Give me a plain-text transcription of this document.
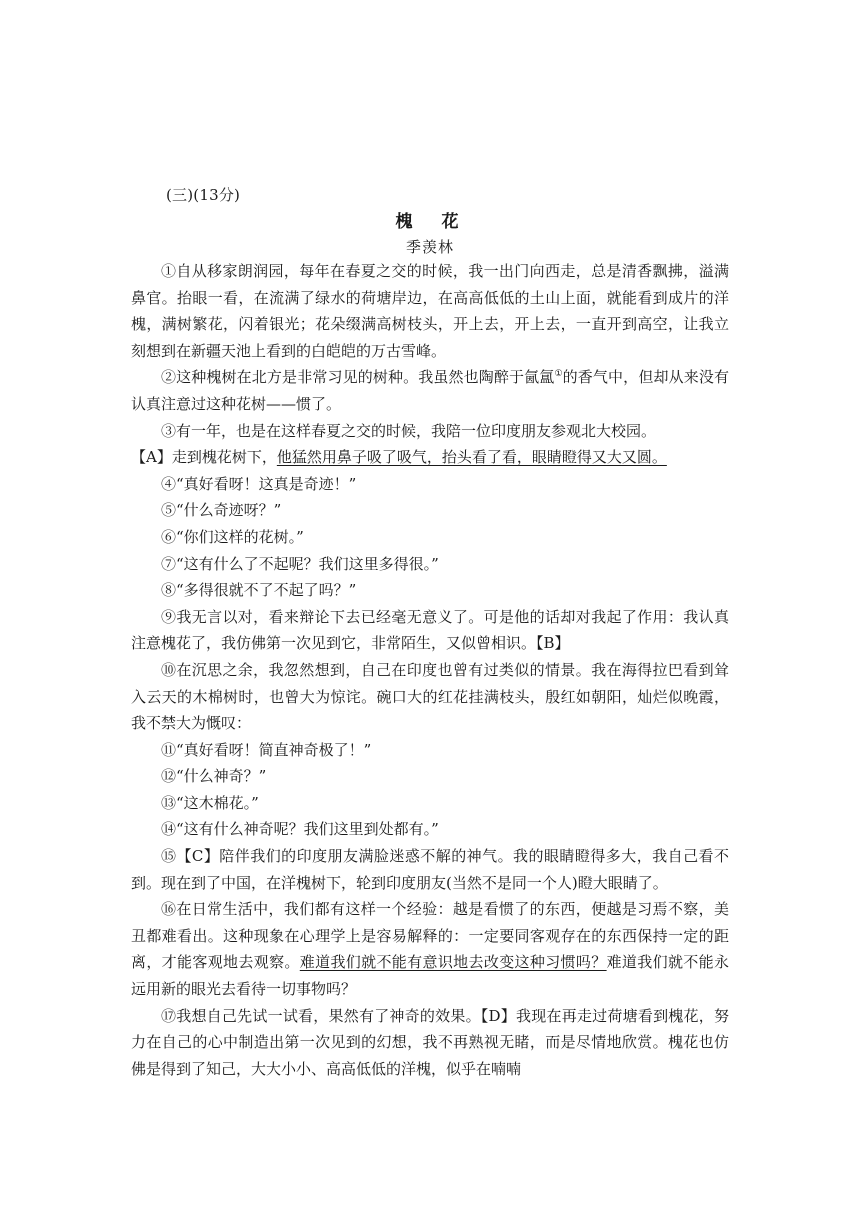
(三)(13分)
槐　花
季羡林

①自从移家朗润园，每年在春夏之交的时候，我一出门向西走，总是清香飘拂，溢满鼻官。抬眼一看，在流满了绿水的荷塘岸边，在高高低低的土山上面，就能看到成片的洋槐，满树繁花，闪着银光；花朵缀满高树枝头，开上去，开上去，一直开到高空，让我立刻想到在新疆天池上看到的白皑皑的万古雪峰。

②这种槐树在北方是非常习见的树种。我虽然也陶醉于氤氲①的香气中，但却从来没有认真注意过这种花树——惯了。

③有一年，也是在这样春夏之交的时候，我陪一位印度朋友参观北大校园。

【A】走到槐花树下，他猛然用鼻子吸了吸气，抬头看了看，眼睛瞪得又大又圆。

④“真好看呀！这真是奇迹！”

⑤“什么奇迹呀？”

⑥“你们这样的花树。”

⑦“这有什么了不起呢？我们这里多得很。”

⑧“多得很就不了不起了吗？”

⑨我无言以对，看来辩论下去已经毫无意义了。可是他的话却对我起了作用：我认真注意槐花了，我仿佛第一次见到它，非常陌生，又似曾相识。【B】

⑩在沉思之余，我忽然想到，自己在印度也曾有过类似的情景。我在海得拉巴看到耸入云天的木棉树时，也曾大为惊诧。碗口大的红花挂满枝头，殷红如朝阳，灿烂似晚霞，我不禁大为慨叹：

⑪“真好看呀！简直神奇极了！”

⑫“什么神奇？”

⑬“这木棉花。”

⑭“这有什么神奇呢？我们这里到处都有。”

⑮【C】陪伴我们的印度朋友满脸迷惑不解的神气。我的眼睛瞪得多大，我自己看不到。现在到了中国，在洋槐树下，轮到印度朋友(当然不是同一个人)瞪大眼睛了。

⑯在日常生活中，我们都有这样一个经验：越是看惯了的东西，便越是习焉不察，美丑都难看出。这种现象在心理学上是容易解释的：一定要同客观存在的东西保持一定的距离，才能客观地去观察。难道我们就不能有意识地去改变这种习惯吗？难道我们就不能永远用新的眼光去看待一切事物吗？

⑰我想自己先试一试看，果然有了神奇的效果。【D】我现在再走过荷塘看到槐花，努力在自己的心中制造出第一次见到的幻想，我不再熟视无睹，而是尽情地欣赏。槐花也仿佛是得到了知己，大大小小、高高低低的洋槐，似乎在喃喃
